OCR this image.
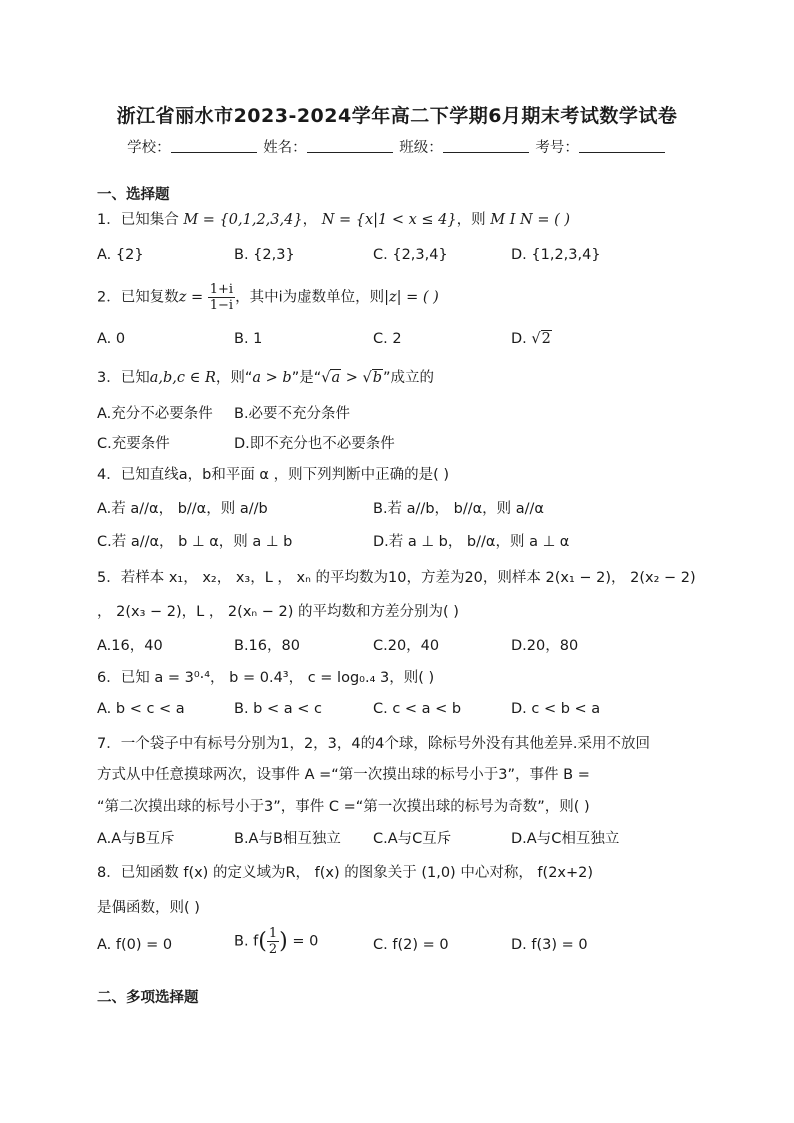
浙江省丽水市2023-2024学年高二下学期6月期末考试数学试卷
学校：	姓名：	班级：	考号：
一、选择题
1．已知集合 M = {0,1,2,3,4}， N = {x|1 < x ≤ 4}，则 M I N = ( )
A. {2}	B. {2,3}	C. {2,3,4}	D. {1,2,3,4}
2．已知复数$z = \frac{1+i}{1-i}$ ，其中i为虚数单位，则|z| = ( )
A. 0	B. 1	C. 2	D. √2
3．已知a,b,c ∈ R，则“a > b”是“√a > √b”成立的
A.充分不必要条件 B.必要不充分条件
C.充要条件	D.即不充分也不必要条件
4．已知直线a，b和平面 α ，则下列判断中正确的是( )
A.若 a//α， b//α，则 a//b	B.若 a//b， b//α，则 a//α
C.若 a//α， b ⊥ α，则 a ⊥ b	D.若 a ⊥ b， b//α，则 a ⊥ α
5．若样本 x₁， x₂， x₃，L ， xₙ 的平均数为10，方差为20，则样本 2(x₁ − 2)， 2(x₂ − 2)
， 2(x₃ − 2)，L ， 2(xₙ − 2) 的平均数和方差分别为( )
A.16，40	B.16，80	C.20，40	D.20，80
6．已知 a = 3⁰·⁴， b = 0.4³， c = log₀.₄ 3，则( )
A. b < c < a	B. b < a < c	C. c < a < b	D. c < b < a
7．一个袋子中有标号分别为1，2，3，4的4个球，除标号外没有其他差异.采用不放回
方式从中任意摸球两次，设事件 A =“第一次摸出球的标号小于3”，事件 B =
“第二次摸出球的标号小于3”，事件 C =“第一次摸出球的标号为奇数”，则( )
A.A与B互斥	B.A与B相互独立 C.A与C互斥	D.A与C相互独立
8．已知函数 f(x) 的定义域为R， f(x) 的图象关于 (1,0) 中心对称， f(2x+2)
是偶函数，则( )
A. f(0) = 0	B. $f( \frac{1}{2}$ ) = 0	C. f(2) = 0	D. f(3) = 0
二、多项选择题
